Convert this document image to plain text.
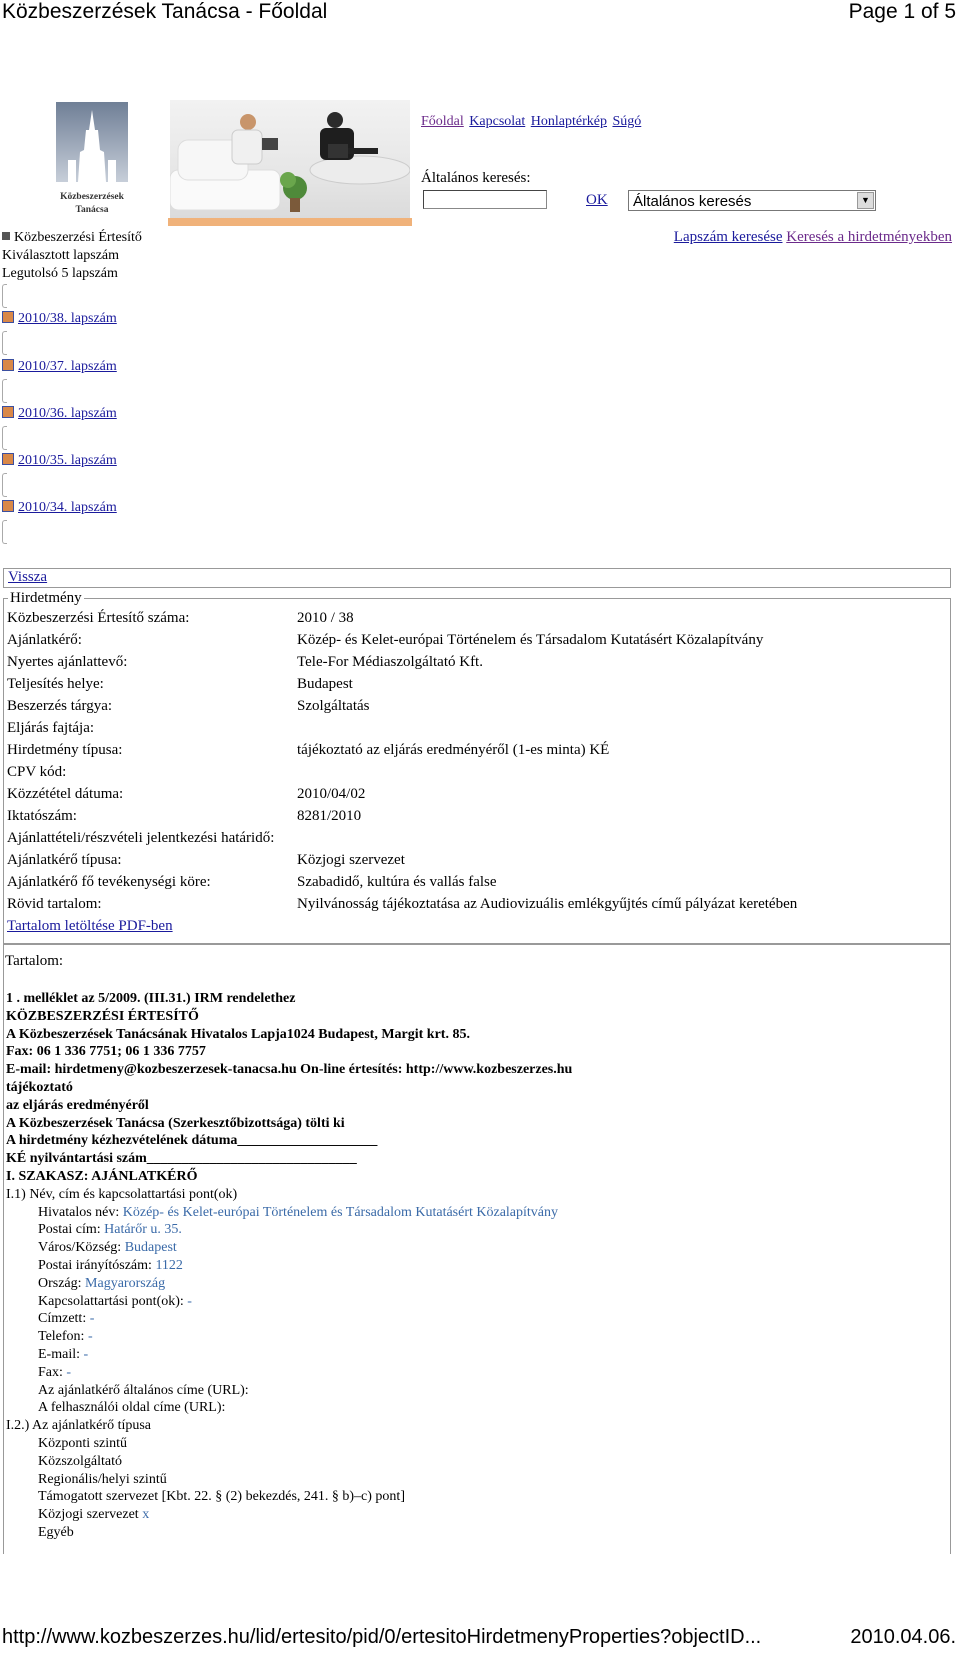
Közbeszerzések Tanácsa - Főoldal	Page 1 of 5
Közbeszerzések
Tanácsa
Főoldal Kapcsolat Honlaptérkép Súgó
Általános keresés:
OK Általános keresés	▼
Lapszám keresése Keresés a hirdetményekben
Közbeszerzési Értesítő
Kiválasztott lapszám
Legutolsó 5 lapszám
2010/38. lapszám
2010/37. lapszám
2010/36. lapszám
2010/35. lapszám
2010/34. lapszám
Vissza
Hirdetmény
Közbeszerzési Értesítő száma:	2010 / 38
Ajánlatkérő:	Közép- és Kelet-európai Történelem és Társadalom Kutatásért Közalapítvány
Nyertes ajánlattevő:	Tele-For Médiaszolgáltató Kft.
Teljesítés helye:	Budapest
Beszerzés tárgya:	Szolgáltatás
Eljárás fajtája:
Hirdetmény típusa:	tájékoztató az eljárás eredményéről (1-es minta) KÉ
CPV kód:
Közzététel dátuma:	2010/04/02
Iktatószám:	8281/2010
Ajánlattételi/részvételi jelentkezési határidő:
Ajánlatkérő típusa:	Közjogi szervezet
Ajánlatkérő fő tevékenységi köre:	Szabadidő, kultúra és vallás false
Rövid tartalom:	Nyilvánosság tájékoztatása az Audiovizuális emlékgyűjtés című pályázat keretében
Tartalom letöltése PDF-ben
Tartalom:
1 . melléklet az 5/2009. (III.31.) IRM rendelethez
KÖZBESZERZÉSI ÉRTESÍTŐ
A Közbeszerzések Tanácsának Hivatalos Lapja1024 Budapest, Margit krt. 85.
Fax: 06 1 336 7751; 06 1 336 7757
E-mail: hirdetmeny@kozbeszerzesek-tanacsa.hu On-line értesítés: http://www.kozbeszerzes.hu
tájékoztató
az eljárás eredményéről
A Közbeszerzések Tanácsa (Szerkesztőbizottsága) tölti ki
A hirdetmény kézhezvételének dátuma____________________
KÉ nyilvántartási szám______________________________
I. SZAKASZ: AJÁNLATKÉRŐ
I.1) Név, cím és kapcsolattartási pont(ok)
Hivatalos név: Közép- és Kelet-európai Történelem és Társadalom Kutatásért Közalapítvány
Postai cím: Határőr u. 35.
Város/Község: Budapest
Postai irányítószám: 1122
Ország: Magyarország
Kapcsolattartási pont(ok): -
Címzett: -
Telefon: -
E-mail: -
Fax: -
Az ajánlatkérő általános címe (URL):
A felhasználói oldal címe (URL):
I.2.) Az ajánlatkérő típusa
Központi szintű
Közszolgáltató
Regionális/helyi szintű
Támogatott szervezet [Kbt. 22. § (2) bekezdés, 241. § b)–c) pont]
Közjogi szervezet x
Egyéb
http://www.kozbeszerzes.hu/lid/ertesito/pid/0/ertesitoHirdetmenyProperties?objectID...	2010.04.06.
